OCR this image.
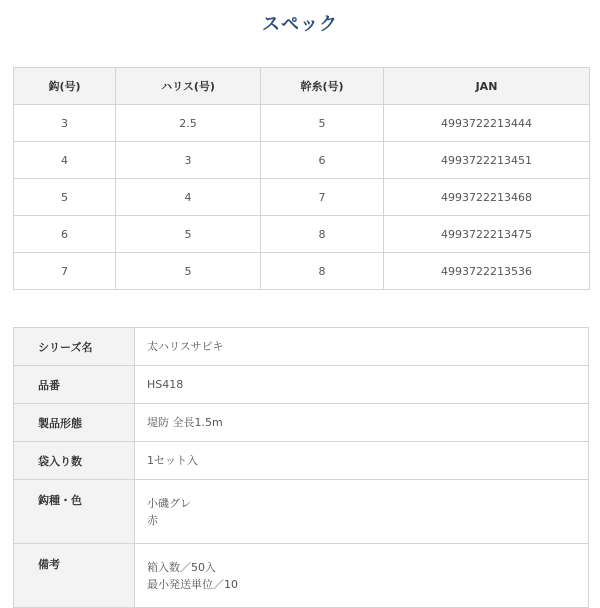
スペック
鈎(号)	ハリス(号)	幹糸(号)	JAN
3	2.5	5	4993722213444
4	3	6	4993722213451
5	4	7	4993722213468
6	5	8	4993722213475
7	5	8	4993722213536
シリーズ名	太ハリスサビキ

品番	HS418

製品形態	堤防 全長1.5m

袋入り数	1セット入

鈎種・色	小磯グレ
赤

備考	箱入数／50入
最小発送単位／10
